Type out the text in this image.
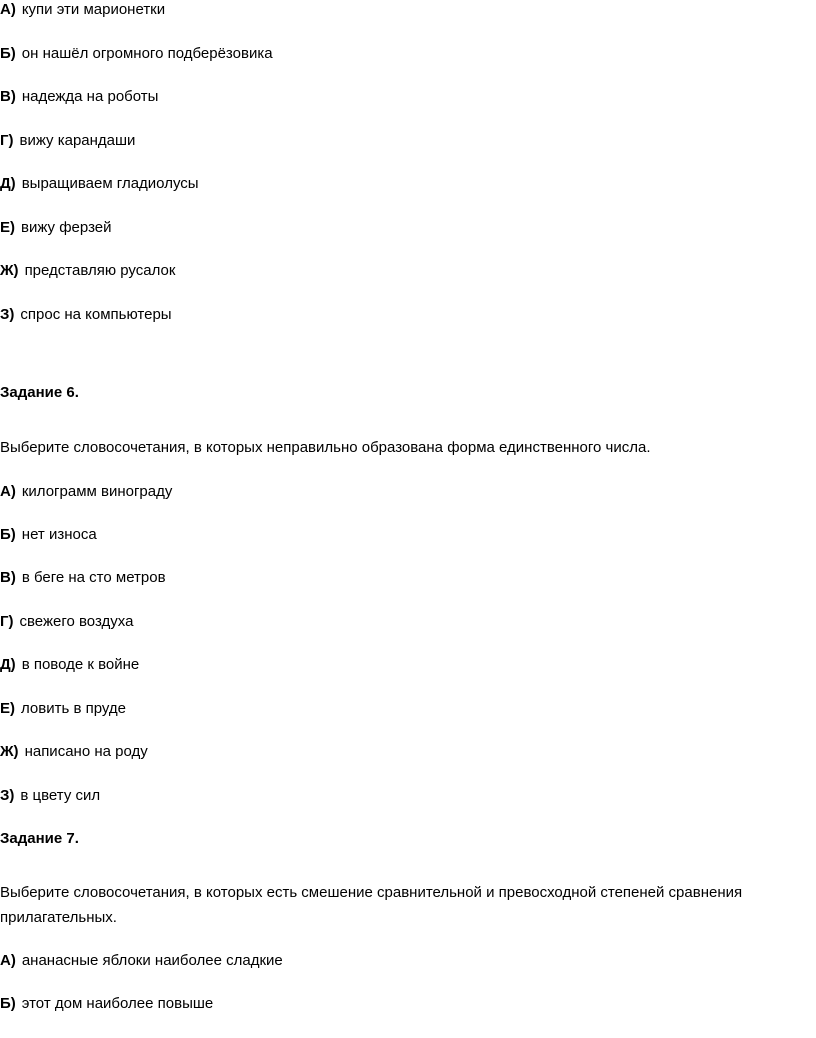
А) купи эти марионетки
Б) он нашёл огромного подберёзовика
В) надежда на роботы
Г) вижу карандаши
Д) выращиваем гладиолусы
Е) вижу ферзей
Ж) представляю русалок
З) спрос на компьютеры
Задание 6.
Выберите словосочетания, в которых неправильно образована форма единственного числа.
А) килограмм винограду
Б) нет износа
В) в беге на сто метров
Г) свежего воздуха
Д) в поводе к войне
Е) ловить в пруде
Ж) написано на роду
З) в цвету сил
Задание 7.
Выберите словосочетания, в которых есть смешение сравнительной и превосходной степеней сравнения прилагательных.
А) ананасные яблоки наиболее сладкие
Б) этот дом наиболее повыше
